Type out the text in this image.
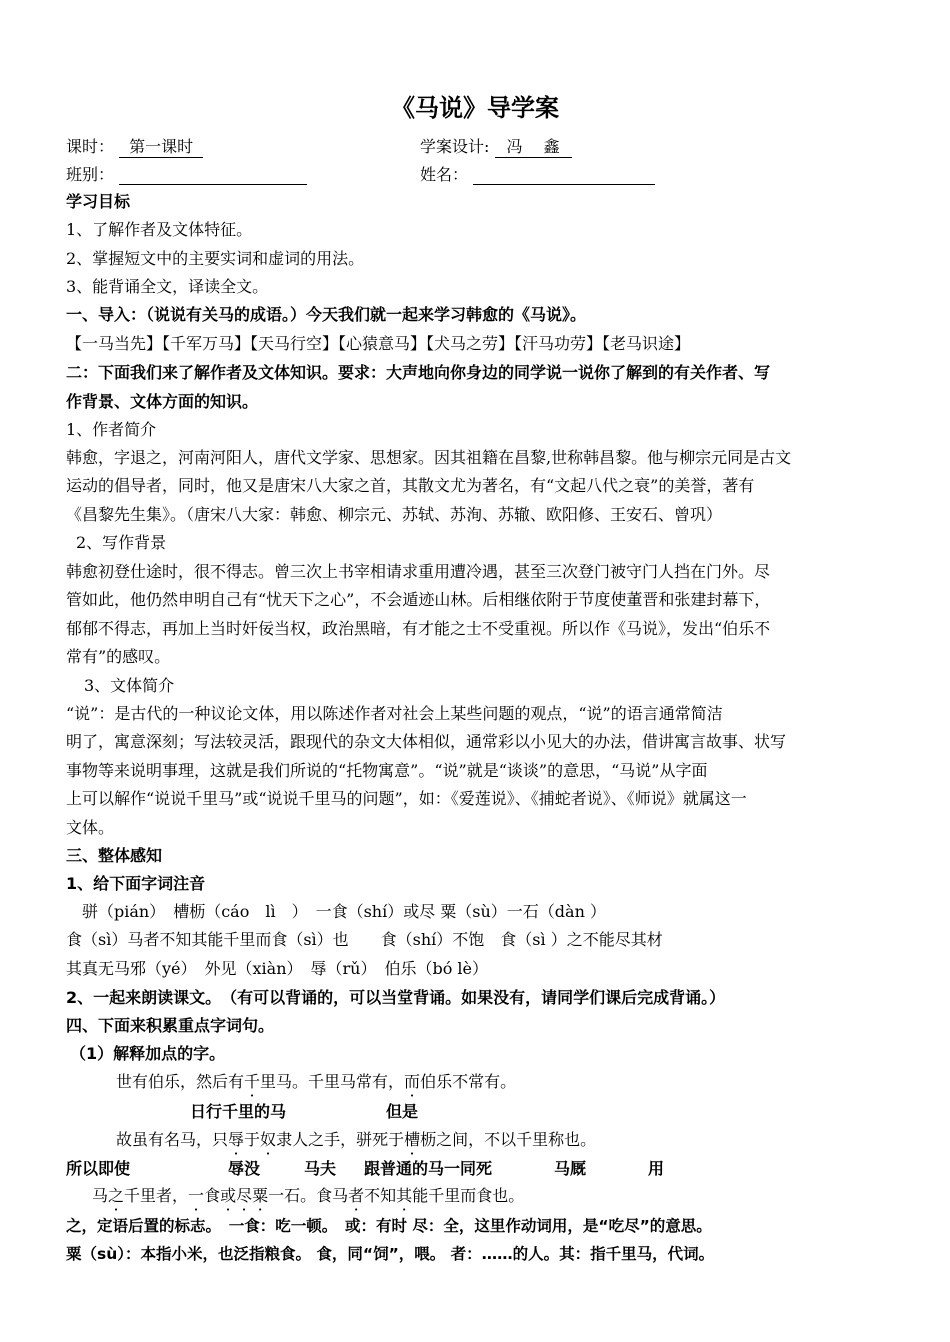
《马说》导学案
课时： 第一课时	学案设计: 冯　 鑫
班别：	姓名：
学习目标
1、了解作者及文体特征。
2、掌握短文中的主要实词和虚词的用法。
3、能背诵全文，译读全文。
一、导入：（说说有关马的成语。）今天我们就一起来学习韩愈的《马说》。
【一马当先】【千军万马】【天马行空】【心猿意马】【犬马之劳】【汗马功劳】【老马识途】
二：下面我们来了解作者及文体知识。要求：大声地向你身边的同学说一说你了解到的有关作者、写
作背景、文体方面的知识。
1、作者简介
韩愈，字退之，河南河阳人，唐代文学家、思想家。因其祖籍在昌黎,世称韩昌黎。他与柳宗元同是古文
运动的倡导者，同时，他又是唐宋八大家之首，其散文尤为著名，有“文起八代之衰”的美誉，著有
《昌黎先生集》。（唐宋八大家：韩愈、柳宗元、苏轼、苏洵、苏辙、欧阳修、王安石、曾巩）
2、写作背景
韩愈初登仕途时，很不得志。曾三次上书宰相请求重用遭冷遇，甚至三次登门被守门人挡在门外。尽
管如此，他仍然申明自己有“忧天下之心”，不会遁迹山林。后相继依附于节度使董晋和张建封幕下，
郁郁不得志，再加上当时奸佞当权，政治黑暗，有才能之士不受重视。所以作《马说》，发出“伯乐不
常有”的感叹。
3、文体简介
“说”：是古代的一种议论文体，用以陈述作者对社会上某些问题的观点，“说”的语言通常简洁
明了，寓意深刻；写法较灵活，跟现代的杂文大体相似，通常彩以小见大的办法，借讲寓言故事、状写
事物等来说明事理，这就是我们所说的“托物寓意”。“说”就是“谈谈”的意思，“马说”从字面
上可以解作“说说千里马”或“说说千里马的问题”，如：《爱莲说》、《捕蛇者说》、《师说》就属这一
文体。
三、整体感知
1、给下面字词注音
　骈（pián）　槽枥（cáo　lì　）　一食（shí）或尽 粟（sù）一石（dàn ）
食（sì）马者不知其能千里而食（sì）也　　食（shí）不饱　食（sì ）之不能尽其材
其真无马邪（yé）　外见（xiàn）　辱（rǔ）　伯乐（bó lè）
2、一起来朗读课文。　（有可以背诵的，可以当堂背诵。如果没有，请同学们课后完成背诵。）
四、下面来积累重点字词句。
（1）解释加点的字。
世有伯乐，然后有千里马。千里马常有，而伯乐不常有。
日行千里的马	但是
故虽有名马，只辱于奴隶人之手，骈死于槽枥之间，不以千里称也。
所以即使	辱没	马夫 跟普通的马一同死	马厩	用
马之千里者，一食或尽粟一石。食马者不知其能千里而食也。
之，定语后置的标志。　一食：吃一顿。　或：有时 尽：全，这里作动词用，是“吃尽”的意思。
粟（sù）：本指小米，也泛指粮食。 食，同“饲”，喂。 者：……的人。其：指千里马，代词。
